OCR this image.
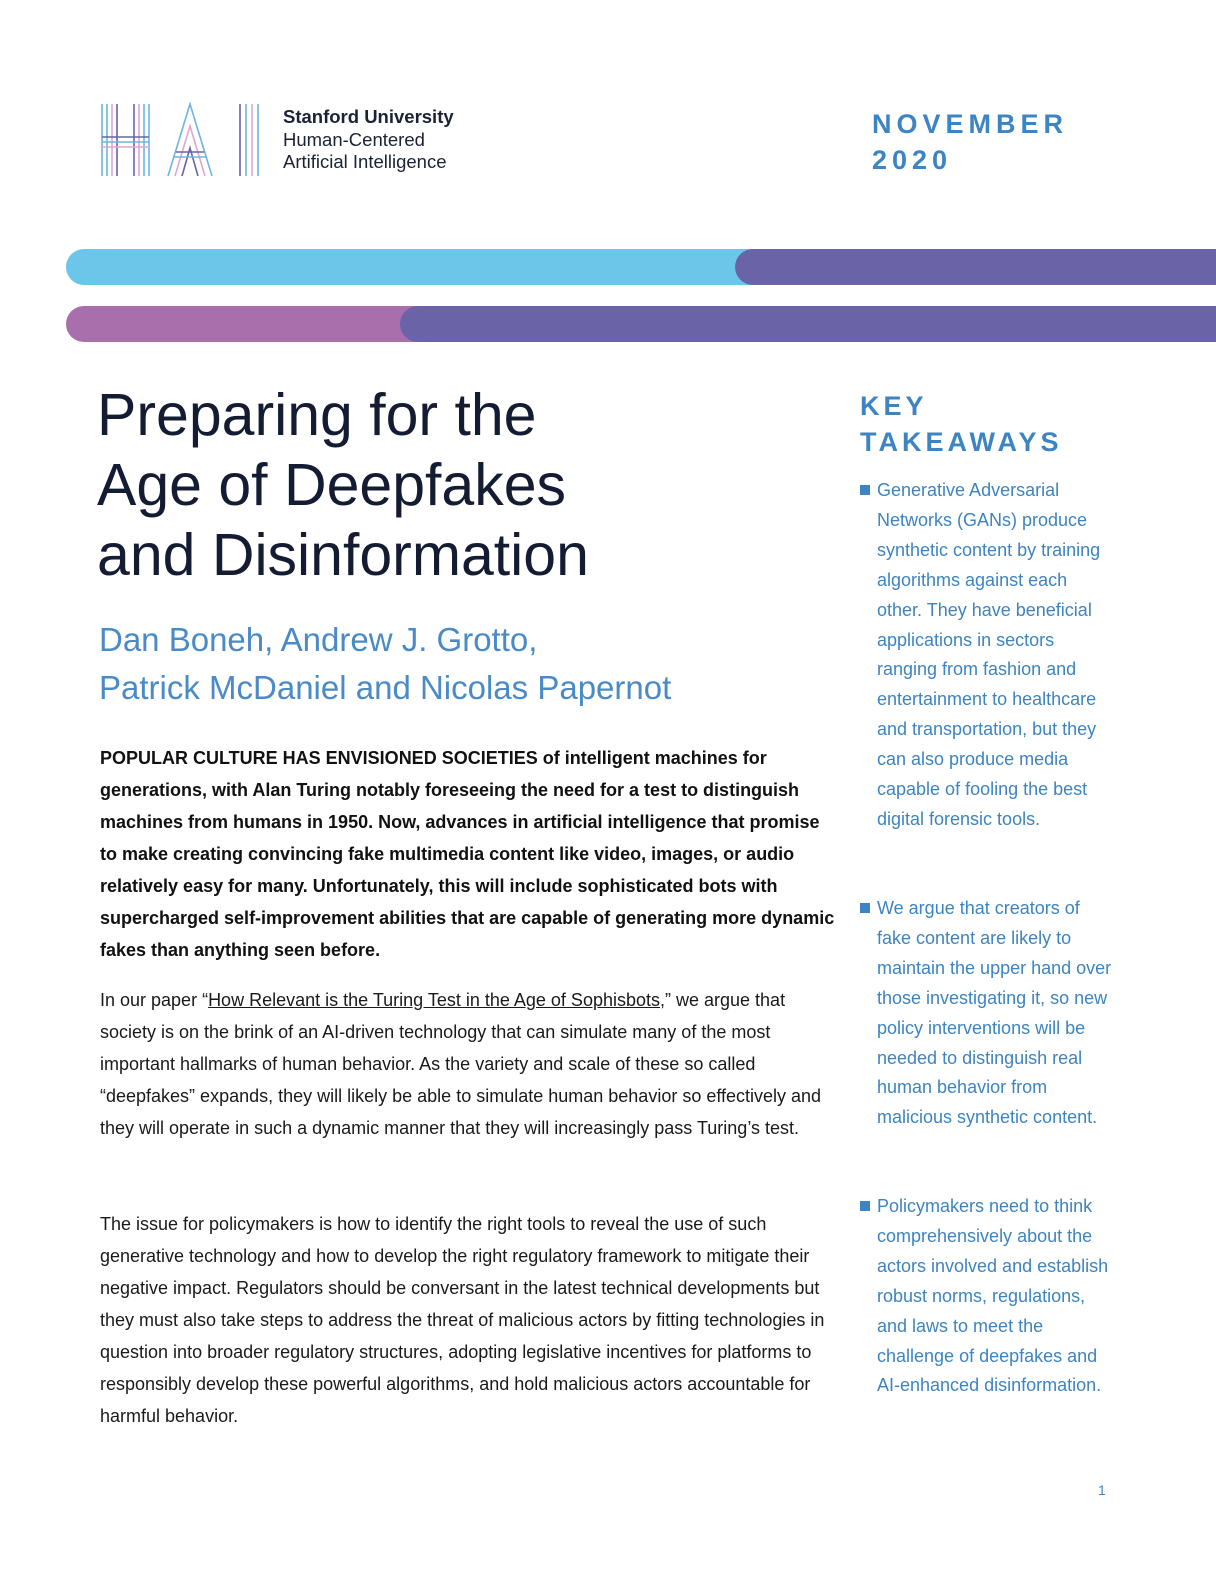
Stanford University
Human-Centered
Artificial Intelligence
NOVEMBER
2020
Preparing for the
Age of Deepfakes
and Disinformation
Dan Boneh, Andrew J. Grotto,
Patrick McDaniel and Nicolas Papernot

POPULAR CULTURE HAS ENVISIONED SOCIETIES of intelligent machines for generations, with Alan Turing notably foreseeing the need for a test to distinguish machines from humans in 1950. Now, advances in artificial intelligence that promise to make creating convincing fake multimedia content like video, images, or audio relatively easy for many. Unfortunately, this will include sophisticated bots with supercharged self-improvement abilities that are capable of generating more dynamic fakes than anything seen before.

In our paper “How Relevant is the Turing Test in the Age of Sophisbots,” we argue that society is on the brink of an AI-driven technology that can simulate many of the most important hallmarks of human behavior. As the variety and scale of these so called “deepfakes” expands, they will likely be able to simulate human behavior so effectively and they will operate in such a dynamic manner that they will increasingly pass Turing’s test.

The issue for policymakers is how to identify the right tools to reveal the use of such generative technology and how to develop the right regulatory framework to mitigate their negative impact. Regulators should be conversant in the latest technical developments but they must also take steps to address the threat of malicious actors by fitting technologies in question into broader regulatory structures, adopting legislative incentives for platforms to responsibly develop these powerful algorithms, and hold malicious actors accountable for harmful behavior.

KEY
TAKEAWAYS

Generative Adversarial Networks (GANs) produce synthetic content by training algorithms against each other. They have beneficial applications in sectors ranging from fashion and entertainment to healthcare and transportation, but they can also produce media capable of fooling the best digital forensic tools.

We argue that creators of fake content are likely to maintain the upper hand over those investigating it, so new policy interventions will be needed to distinguish real human behavior from malicious synthetic content.

Policymakers need to think comprehensively about the actors involved and establish robust norms, regulations, and laws to meet the challenge of deepfakes and AI-enhanced disinformation.

1
